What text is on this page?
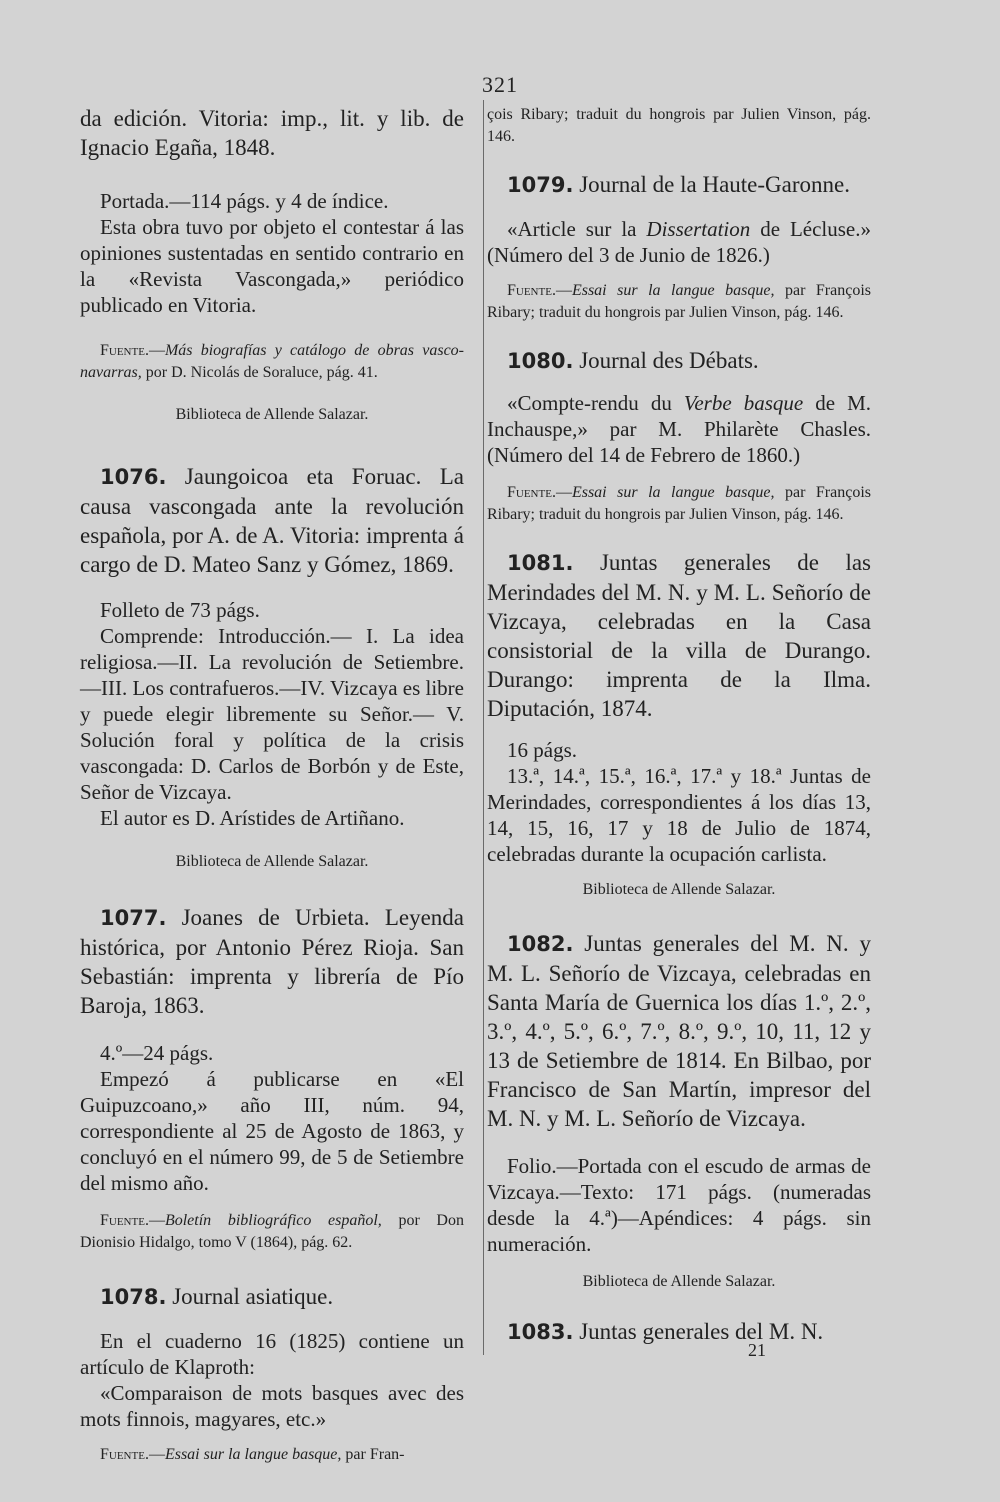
321

da edición. Vitoria: imp., lit. y lib. de Ignacio Egaña, 1848.

Portada.—114 págs. y 4 de índice.

Esta obra tuvo por objeto el contestar á las opiniones sustentadas en sentido contrario en la «Revista Vascongada,» periódico publicado en Vitoria.

Fuente.—Más biografías y catálogo de obras vasco-navarras, por D. Nicolás de Soraluce, pág. 41.

Biblioteca de Allende Salazar.

1076. Jaungoicoa eta Foruac. La causa vascongada ante la revolución española, por A. de A. Vitoria: imprenta á cargo de D. Mateo Sanz y Gómez, 1869.

Folleto de 73 págs.

Comprende: Introducción.— I. La idea religiosa.—II. La revolución de Setiembre. —III. Los contrafueros.—IV. Vizcaya es libre y puede elegir libremente su Señor.— V. Solución foral y política de la crisis vascongada: D. Carlos de Borbón y de Este, Señor de Vizcaya.

El autor es D. Arístides de Artiñano.

Biblioteca de Allende Salazar.

1077. Joanes de Urbieta. Leyenda histórica, por Antonio Pérez Rioja. San Sebastián: imprenta y librería de Pío Baroja, 1863.

4.º—24 págs.

Empezó á publicarse en «El Guipuzcoano,» año III, núm. 94, correspondiente al 25 de Agosto de 1863, y concluyó en el número 99, de 5 de Setiembre del mismo año.

Fuente.—Boletín bibliográfico español, por Don Dionisio Hidalgo, tomo V (1864), pág. 62.

1078. Journal asiatique.

En el cuaderno 16 (1825) contiene un artículo de Klaproth:

«Comparaison de mots basques avec des mots finnois, magyares, etc.»

Fuente.—Essai sur la langue basque, par Fran-

çois Ribary; traduit du hongrois par Julien Vinson, pág. 146.

1079. Journal de la Haute-Garonne.

«Article sur la Dissertation de Lécluse.» (Número del 3 de Junio de 1826.)

Fuente.—Essai sur la langue basque, par François Ribary; traduit du hongrois par Julien Vinson, pág. 146.

1080. Journal des Débats.

«Compte-rendu du Verbe basque de M. Inchauspe,» par M. Philarète Chasles. (Número del 14 de Febrero de 1860.)

Fuente.—Essai sur la langue basque, par François Ribary; traduit du hongrois par Julien Vinson, pág. 146.

1081. Juntas generales de las Merindades del M. N. y M. L. Señorío de Vizcaya, celebradas en la Casa consistorial de la villa de Durango. Durango: imprenta de la Ilma. Diputación, 1874.

16 págs.

13.ª, 14.ª, 15.ª, 16.ª, 17.ª y 18.ª Juntas de Merindades, correspondientes á los días 13, 14, 15, 16, 17 y 18 de Julio de 1874, celebradas durante la ocupación carlista.

Biblioteca de Allende Salazar.

1082. Juntas generales del M. N. y M. L. Señorío de Vizcaya, celebradas en Santa María de Guernica los días 1.º, 2.º, 3.º, 4.º, 5.º, 6.º, 7.º, 8.º, 9.º, 10, 11, 12 y 13 de Setiembre de 1814. En Bilbao, por Francisco de San Martín, impresor del M. N. y M. L. Señorío de Vizcaya.

Folio.—Portada con el escudo de armas de Vizcaya.—Texto: 171 págs. (numeradas desde la 4.ª)—Apéndices: 4 págs. sin numeración.

Biblioteca de Allende Salazar.

1083. Juntas generales del M. N.

21
